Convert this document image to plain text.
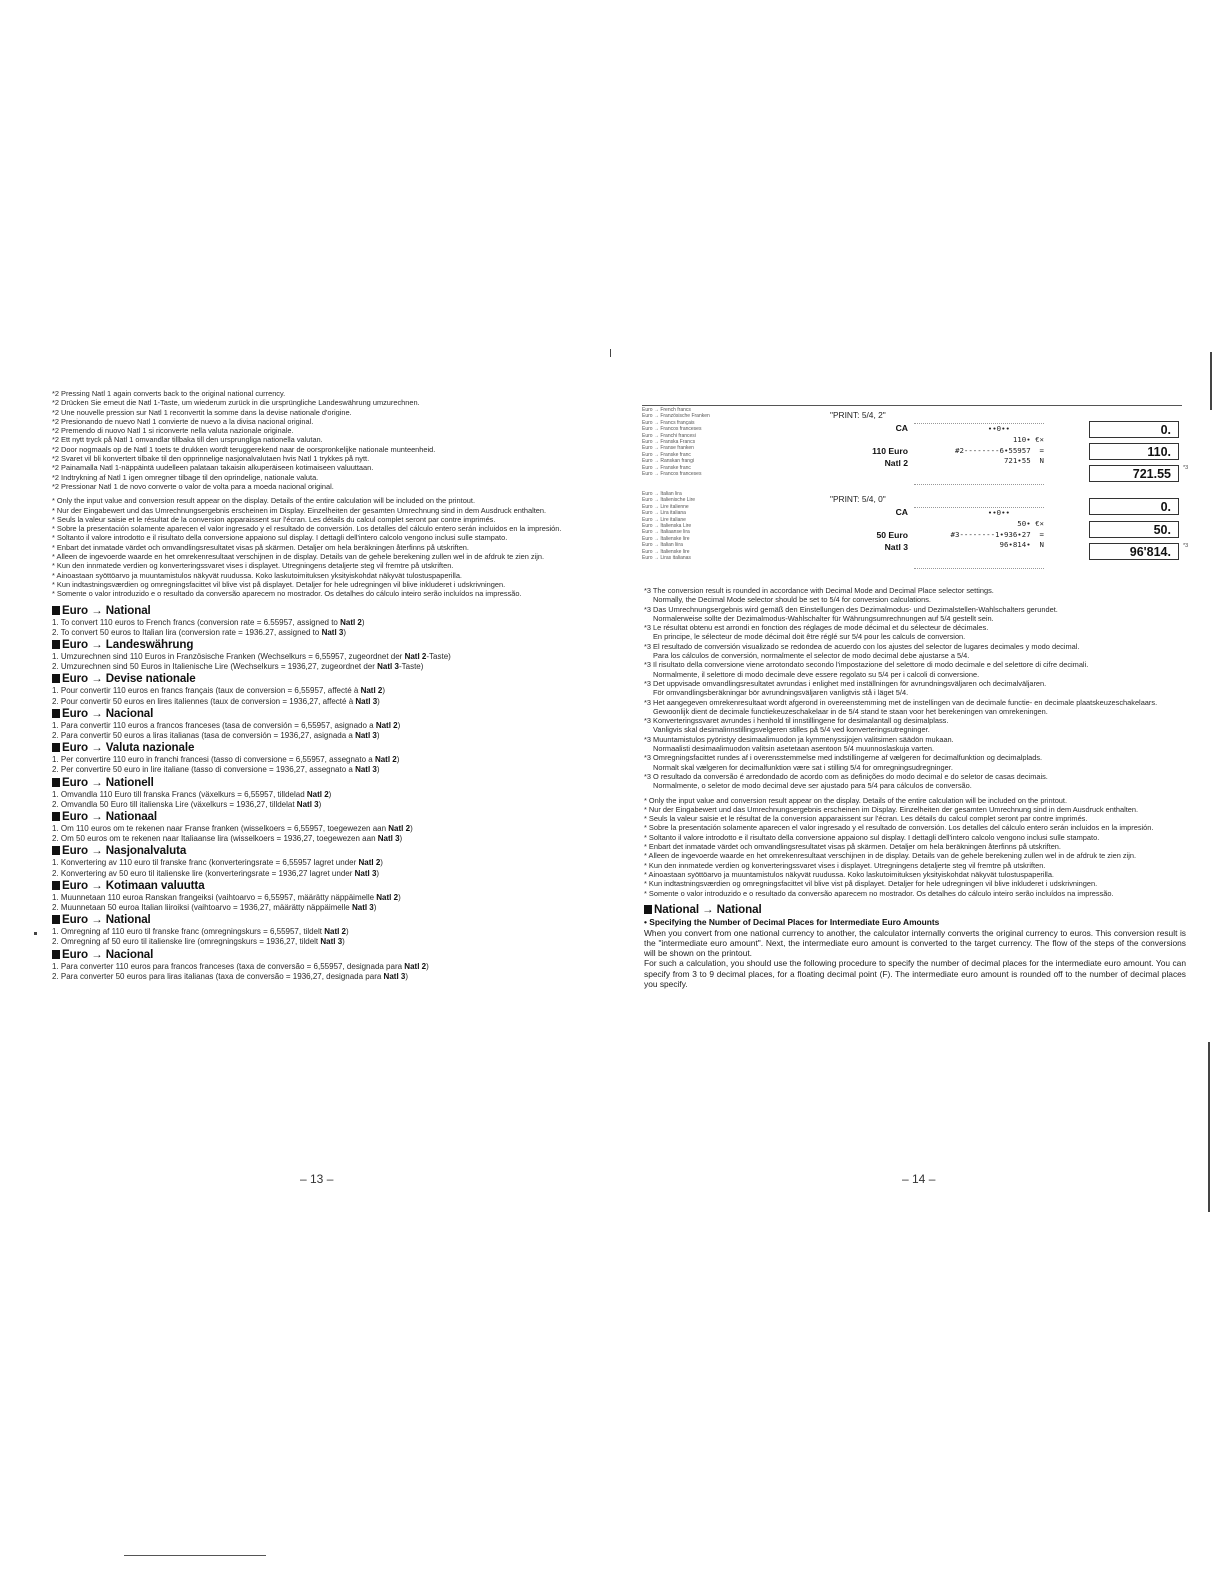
*2 Pressing Natl 1 again converts back to the original national currency.

*2 Drücken Sie erneut die Natl 1-Taste, um wiederum zurück in die ursprüngliche Landeswährung umzurechnen.

*2 Une nouvelle pression sur Natl 1 reconvertit la somme dans la devise nationale d'origine.

*2 Presionando de nuevo Natl 1 convierte de nuevo a la divisa nacional original.

*2 Premendo di nuovo Natl 1 si riconverte nella valuta nazionale originale.

*2 Ett nytt tryck på Natl 1 omvandlar tillbaka till den ursprungliga nationella valutan.

*2 Door nogmaals op de Natl 1 toets te drukken wordt teruggerekend naar de oorspronkelijke nationale munteenheid.

*2 Svaret vil bli konvertert tilbake til den opprinnelige nasjonalvalutaen hvis Natl 1 trykkes på nytt.

*2 Painamalla Natl 1-näppäintä uudelleen palataan takaisin alkuperäiseen kotimaiseen valuuttaan.

*2 Indtrykning af Natl 1 igen omregner tilbage til den oprindelige, nationale valuta.

*2 Pressionar Natl 1 de novo converte o valor de volta para a moeda nacional original.

* Only the input value and conversion result appear on the display. Details of the entire calculation will be included on the printout.

* Nur der Eingabewert und das Umrechnungsergebnis erscheinen im Display. Einzelheiten der gesamten Umrechnung sind in dem Ausdruck enthalten.

* Seuls la valeur saisie et le résultat de la conversion apparaissent sur l'écran. Les détails du calcul complet seront par contre imprimés.

* Sobre la presentación solamente aparecen el valor ingresado y el resultado de conversión. Los detalles del cálculo entero serán incluidos en la impresión.

* Soltanto il valore introdotto e il risultato della conversione appaiono sul display. I dettagli dell'intero calcolo vengono inclusi sulle stampato.

* Enbart det inmatade värdet och omvandlingsresultatet visas på skärmen. Detaljer om hela beräkningen återfinns på utskriften.

* Alleen de ingevoerde waarde en het omrekenresultaat verschijnen in de display. Details van de gehele berekening zullen wel in de afdruk te zien zijn.

* Kun den innmatede verdien og konverteringssvaret vises i displayet. Utregningens detaljerte steg vil fremtre på utskriften.

* Ainoastaan syöttöarvo ja muuntamistulos näkyvät ruudussa. Koko laskutoimituksen yksityiskohdat näkyvät tulostuspaperilla.

* Kun indtastningsværdien og omregningsfacittet vil blive vist på displayet. Detaljer for hele udregningen vil blive inkluderet i udskrivningen.

* Somente o valor introduzido e o resultado da conversão aparecem no mostrador. Os detalhes do cálculo inteiro serão incluídos na impressão.

Euro → National

1. To convert 110 euros to French francs (conversion rate = 6.55957, assigned to Natl 2)

2. To convert 50 euros to Italian lira (conversion rate = 1936.27, assigned to Natl 3)

Euro → Landeswährung

1. Umzurechnen sind 110 Euros in Französische Franken (Wechselkurs = 6,55957, zugeordnet der Natl 2-Taste)

2. Umzurechnen sind 50 Euros in Italienische Lire (Wechselkurs = 1936,27, zugeordnet der Natl 3-Taste)

Euro → Devise nationale

1. Pour convertir 110 euros en francs français (taux de conversion = 6,55957, affecté à Natl 2)

2. Pour convertir 50 euros en lires italiennes (taux de conversion = 1936,27, affecté à Natl 3)

Euro → Nacional

1. Para convertir 110 euros a francos franceses (tasa de conversión = 6,55957, asignado a Natl 2)

2. Para convertir 50 euros a liras italianas (tasa de conversión = 1936,27, asignada a Natl 3)

Euro → Valuta nazionale

1. Per convertire 110 euro in franchi francesi (tasso di conversione = 6,55957, assegnato a Natl 2)

2. Per convertire 50 euro in lire italiane (tasso di conversione = 1936,27, assegnato a Natl 3)

Euro → Nationell

1. Omvandla 110 Euro till franska Francs (växelkurs = 6,55957, tilldelad Natl 2)

2. Omvandla 50 Euro till italienska Lire (växelkurs = 1936,27, tilldelat Natl 3)

Euro → Nationaal

1. Om 110 euros om te rekenen naar Franse franken (wisselkoers = 6,55957, toegewezen aan Natl 2)

2. Om 50 euros om te rekenen naar Italiaanse lira (wisselkoers = 1936,27, toegewezen aan Natl 3)

Euro → Nasjonalvaluta

1. Konvertering av 110 euro til franske franc (konverteringsrate = 6,55957 lagret under Natl 2)

2. Konvertering av 50 euro til italienske lire (konverteringsrate = 1936,27 lagret under Natl 3)

Euro → Kotimaan valuutta

1. Muunnetaan 110 euroa Ranskan frangeiksi (vaihtoarvo = 6,55957, määrätty näppäimelle Natl 2)

2. Muunnetaan 50 euroa Italian liiroiksi (vaihtoarvo = 1936,27, määrätty näppäimelle Natl 3)

Euro → National

1. Omregning af 110 euro til franske franc (omregningskurs = 6,55957, tildelt Natl 2)

2. Omregning af 50 euro til italienske lire (omregningskurs = 1936,27, tildelt Natl 3)

Euro → Nacional

1. Para converter 110 euros para francos franceses (taxa de conversão = 6,55957, designada para Natl 2)

2. Para converter 50 euros para liras italianas (taxa de conversão = 1936,27, designada para Natl 3)

– 13 –
Euro → French francs
Euro → Französische Franken
Euro → Francs français
Euro → Francos franceses
Euro → Franchi francesi
Euro → Franska Francs
Euro → Franse franken
Euro → Franske franc
Euro → Ranskan frangi
Euro → Franske franc
Euro → Francos franceses
"PRINT: 5/4, 2"
CA
110 Euro
Natl 2
••0••
110• €×
#2--------6•55957  =
721•55  N
0.
110.
721.55	*3
Euro → Italian lira
Euro → Italienische Lire
Euro → Lire italienne
Euro → Lira italiana
Euro → Lire italiane
Euro → Italienska Lire
Euro → Italiaanse lira
Euro → Italienske lire
Euro → Italian liira
Euro → Italienske lire
Euro → Liras italianas
"PRINT: 5/4, 0"
CA
50 Euro
Natl 3
••0••
50• €×
#3--------1•936•27  =
96•814•  N
0.
50.
96'814.	*3

*3 The conversion result is rounded in accordance with Decimal Mode and Decimal Place selector settings.

Normally, the Decimal Mode selector should be set to 5/4 for conversion calculations.

*3 Das Umrechnungsergebnis wird gemäß den Einstellungen des Dezimalmodus- und Dezimalstellen-Wahlschalters gerundet.

Normalerweise sollte der Dezimalmodus-Wahlschalter für Währungsumrechnungen auf 5/4 gestellt sein.

*3 Le résultat obtenu est arrondi en fonction des réglages de mode décimal et du sélecteur de décimales.

En principe, le sélecteur de mode décimal doit être réglé sur 5/4 pour les calculs de conversion.

*3 El resultado de conversión visualizado se redondea de acuerdo con los ajustes del selector de lugares decimales y modo decimal.

Para los cálculos de conversión, normalmente el selector de modo decimal debe ajustarse a 5/4.

*3 Il risultato della conversione viene arrotondato secondo l'impostazione del selettore di modo decimale e del selettore di cifre decimali.

Normalmente, il selettore di modo decimale deve essere regolato su 5/4 per i calcoli di conversione.

*3 Det uppvisade omvandlingsresultatet avrundas i enlighet med inställningen för avrundningsväljaren och decimalväljaren.

För omvandlingsberäkningar bör avrundningsväljaren vanligtvis stå i läget 5/4.

*3 Het aangegeven omrekenresultaat wordt afgerond in overeenstemming met de instellingen van de decimale functie- en decimale plaatskeuzeschakelaars.

Gewoonlijk dient de decimale functiekeuzeschakelaar in de 5/4 stand te staan voor het berekeningen van omrekeningen.

*3 Konverteringssvaret avrundes i henhold til innstillingene for desimalantall og desimalplass.

Vanligvis skal desimalinnstillingsvelgeren stilles på 5/4 ved konverteringsutregninger.

*3 Muuntamistulos pyöristyy desimaalimuodon ja kymmenyssijojen valitsimen säädön mukaan.

Normaalisti desimaalimuodon valitsin asetetaan asentoon 5/4 muunnoslaskuja varten.

*3 Omregningsfacittet rundes af i overensstemmelse med indstillingerne af vælgeren for decimalfunktion og decimalplads.

Normalt skal vælgeren for decimalfunktion være sat i stilling 5/4 for omregningsudregninger.

*3 O resultado da conversão é arredondado de acordo com as definições do modo decimal e do seletor de casas decimais.

Normalmente, o seletor de modo decimal deve ser ajustado para 5/4 para cálculos de conversão.

* Only the input value and conversion result appear on the display. Details of the entire calculation will be included on the printout.

* Nur der Eingabewert und das Umrechnungsergebnis erscheinen im Display. Einzelheiten der gesamten Umrechnung sind in dem Ausdruck enthalten.

* Seuls la valeur saisie et le résultat de la conversion apparaissent sur l'écran. Les détails du calcul complet seront par contre imprimés.

* Sobre la presentación solamente aparecen el valor ingresado y el resultado de conversión. Los detalles del cálculo entero serán incluidos en la impresión.

* Soltanto il valore introdotto e il risultato della conversione appaiono sul display. I dettagli dell'intero calcolo vengono inclusi sulle stampato.

* Enbart det inmatade värdet och omvandlingsresultatet visas på skärmen. Detaljer om hela beräkningen återfinns på utskriften.

* Alleen de ingevoerde waarde en het omrekenresultaat verschijnen in de display. Details van de gehele berekening zullen wel in de afdruk te zien zijn.

* Kun den innmatede verdien og konverteringssvaret vises i displayet. Utregningens detaljerte steg vil fremtre på utskriften.

* Ainoastaan syöttöarvo ja muuntamistulos näkyvät ruudussa. Koko laskutoimituksen yksityiskohdat näkyvät tulostuspaperilla.

* Kun indtastningsværdien og omregningsfacittet vil blive vist på displayet. Detaljer for hele udregningen vil blive inkluderet i udskrivningen.

* Somente o valor introduzido e o resultado da conversão aparecem no mostrador. Os detalhes do cálculo inteiro serão incluídos na impressão.

National → National
• Specifying the Number of Decimal Places for Intermediate Euro Amounts
When you convert from one national currency to another, the calculator internally converts the original currency to euros. This conversion result is the "intermediate euro amount". Next, the intermediate euro amount is converted to the target currency. The flow of the steps of the conversions will be shown on the printout.
For such a calculation, you should use the following procedure to specify the number of decimal places for the intermediate euro amount. You can specify from 3 to 9 decimal places, for a floating decimal point (F). The intermediate euro amount is rounded off to the number of decimal places you specify.
– 14 –
